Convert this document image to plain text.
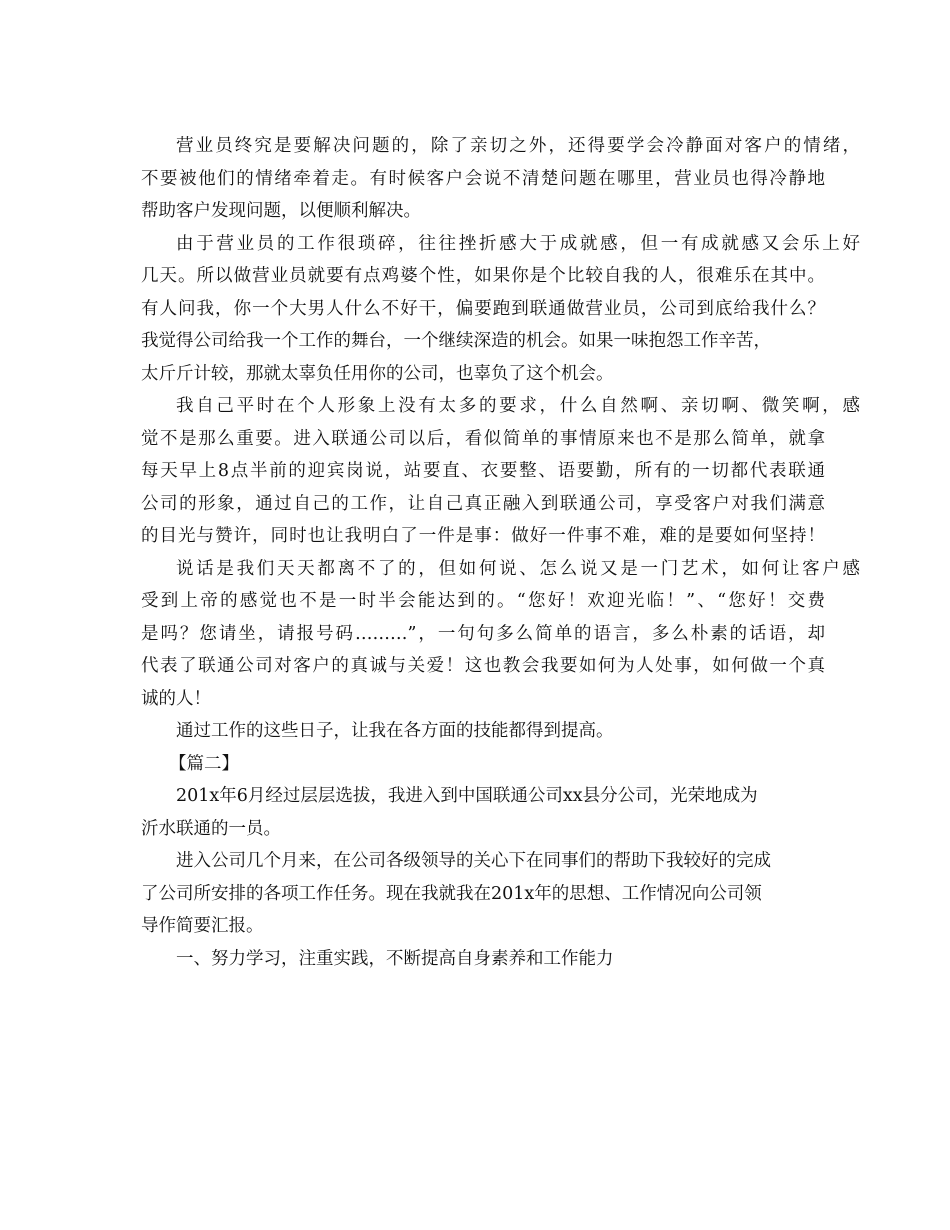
营业员终究是要解决问题的，除了亲切之外，还得要学会冷静面对客户的情绪，
不要被他们的情绪牵着走。有时候客户会说不清楚问题在哪里，营业员也得冷静地
帮助客户发现问题，以便顺利解决。
由于营业员的工作很琐碎，往往挫折感大于成就感，但一有成就感又会乐上好
几天。所以做营业员就要有点鸡婆个性，如果你是个比较自我的人，很难乐在其中。
有人问我，你一个大男人什么不好干，偏要跑到联通做营业员，公司到底给我什么？
我觉得公司给我一个工作的舞台，一个继续深造的机会。如果一味抱怨工作辛苦，
太斤斤计较，那就太辜负任用你的公司，也辜负了这个机会。
我自己平时在个人形象上没有太多的要求，什么自然啊、亲切啊、微笑啊，感
觉不是那么重要。进入联通公司以后，看似简单的事情原来也不是那么简单，就拿
每天早上8点半前的迎宾岗说，站要直、衣要整、语要勤，所有的一切都代表联通
公司的形象，通过自己的工作，让自己真正融入到联通公司，享受客户对我们满意
的目光与赞许，同时也让我明白了一件是事：做好一件事不难，难的是要如何坚持！
说话是我们天天都离不了的，但如何说、怎么说又是一门艺术，如何让客户感
受到上帝的感觉也不是一时半会能达到的。“您好！欢迎光临！”、“您好！交费
是吗？您请坐，请报号码………”，一句句多么简单的语言，多么朴素的话语，却
代表了联通公司对客户的真诚与关爱！这也教会我要如何为人处事，如何做一个真
诚的人！
通过工作的这些日子，让我在各方面的技能都得到提高。
【篇二】
201x年6月经过层层选拔，我进入到中国联通公司xx县分公司，光荣地成为
沂水联通的一员。
进入公司几个月来，在公司各级领导的关心下在同事们的帮助下我较好的完成
了公司所安排的各项工作任务。现在我就我在201x年的思想、工作情况向公司领
导作简要汇报。
一、努力学习，注重实践，不断提高自身素养和工作能力
